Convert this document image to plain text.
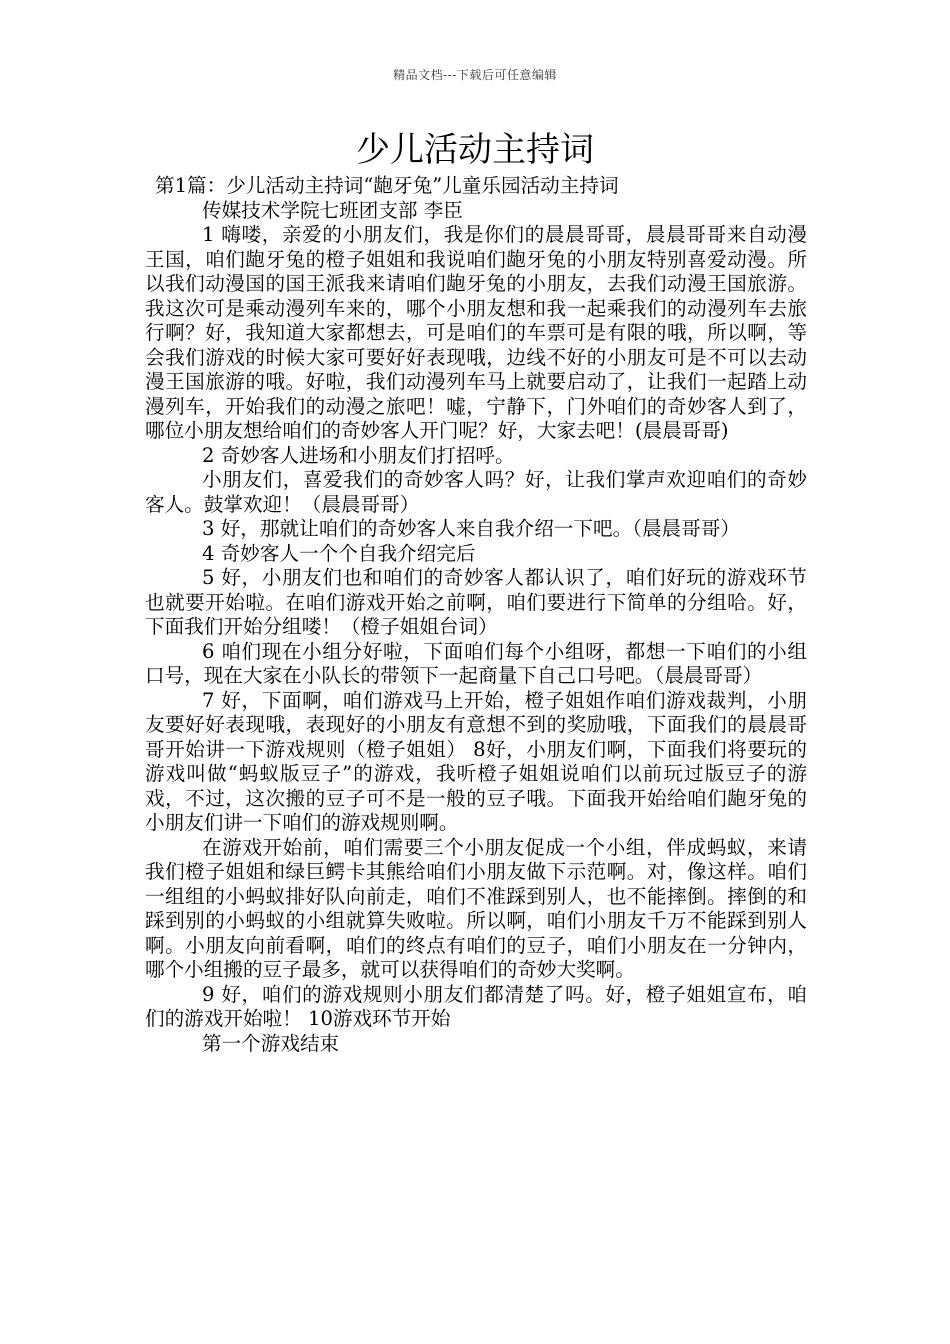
精品文档---下载后可任意编辑
少儿活动主持词

第1篇：少儿活动主持词“龅牙兔”儿童乐园活动主持词

传媒技术学院七班团支部 李臣

1 嗨喽，亲爱的小朋友们，我是你们的晨晨哥哥，晨晨哥哥来自动漫王国，咱们龅牙兔的橙子姐姐和我说咱们龅牙兔的小朋友特别喜爱动漫。所以我们动漫国的国王派我来请咱们龅牙兔的小朋友，去我们动漫王国旅游。我这次可是乘动漫列车来的，哪个小朋友想和我一起乘我们的动漫列车去旅行啊？好，我知道大家都想去，可是咱们的车票可是有限的哦，所以啊，等会我们游戏的时候大家可要好好表现哦，边线不好的小朋友可是不可以去动漫王国旅游的哦。好啦，我们动漫列车马上就要启动了，让我们一起踏上动漫列车，开始我们的动漫之旅吧！嘘，宁静下，门外咱们的奇妙客人到了，哪位小朋友想给咱们的奇妙客人开门呢？好，大家去吧！(晨晨哥哥)

2 奇妙客人进场和小朋友们打招呼。

小朋友们，喜爱我们的奇妙客人吗？好，让我们掌声欢迎咱们的奇妙客人。鼓掌欢迎！（晨晨哥哥）

3 好，那就让咱们的奇妙客人来自我介绍一下吧。（晨晨哥哥）

4 奇妙客人一个个自我介绍完后

5 好，小朋友们也和咱们的奇妙客人都认识了，咱们好玩的游戏环节也就要开始啦。在咱们游戏开始之前啊，咱们要进行下简单的分组哈。好，下面我们开始分组喽！（橙子姐姐台词）

6 咱们现在小组分好啦，下面咱们每个小组呀，都想一下咱们的小组口号，现在大家在小队长的带领下一起商量下自己口号吧。（晨晨哥哥）

7 好，下面啊，咱们游戏马上开始，橙子姐姐作咱们游戏裁判，小朋友要好好表现哦，表现好的小朋友有意想不到的奖励哦，下面我们的晨晨哥哥开始讲一下游戏规则（橙子姐姐） 8好，小朋友们啊，下面我们将要玩的游戏叫做“蚂蚁版豆子”的游戏，我听橙子姐姐说咱们以前玩过版豆子的游戏，不过，这次搬的豆子可不是一般的豆子哦。下面我开始给咱们龅牙兔的小朋友们讲一下咱们的游戏规则啊。

在游戏开始前，咱们需要三个小朋友促成一个小组，伴成蚂蚁，来请我们橙子姐姐和绿巨鳄卡其熊给咱们小朋友做下示范啊。对，像这样。咱们一组组的小蚂蚁排好队向前走，咱们不准踩到别人，也不能摔倒。摔倒的和踩到别的小蚂蚁的小组就算失败啦。所以啊，咱们小朋友千万不能踩到别人啊。小朋友向前看啊，咱们的终点有咱们的豆子，咱们小朋友在一分钟内，哪个小组搬的豆子最多，就可以获得咱们的奇妙大奖啊。

9 好，咱们的游戏规则小朋友们都清楚了吗。好，橙子姐姐宣布，咱们的游戏开始啦！ 10游戏环节开始

第一个游戏结束
